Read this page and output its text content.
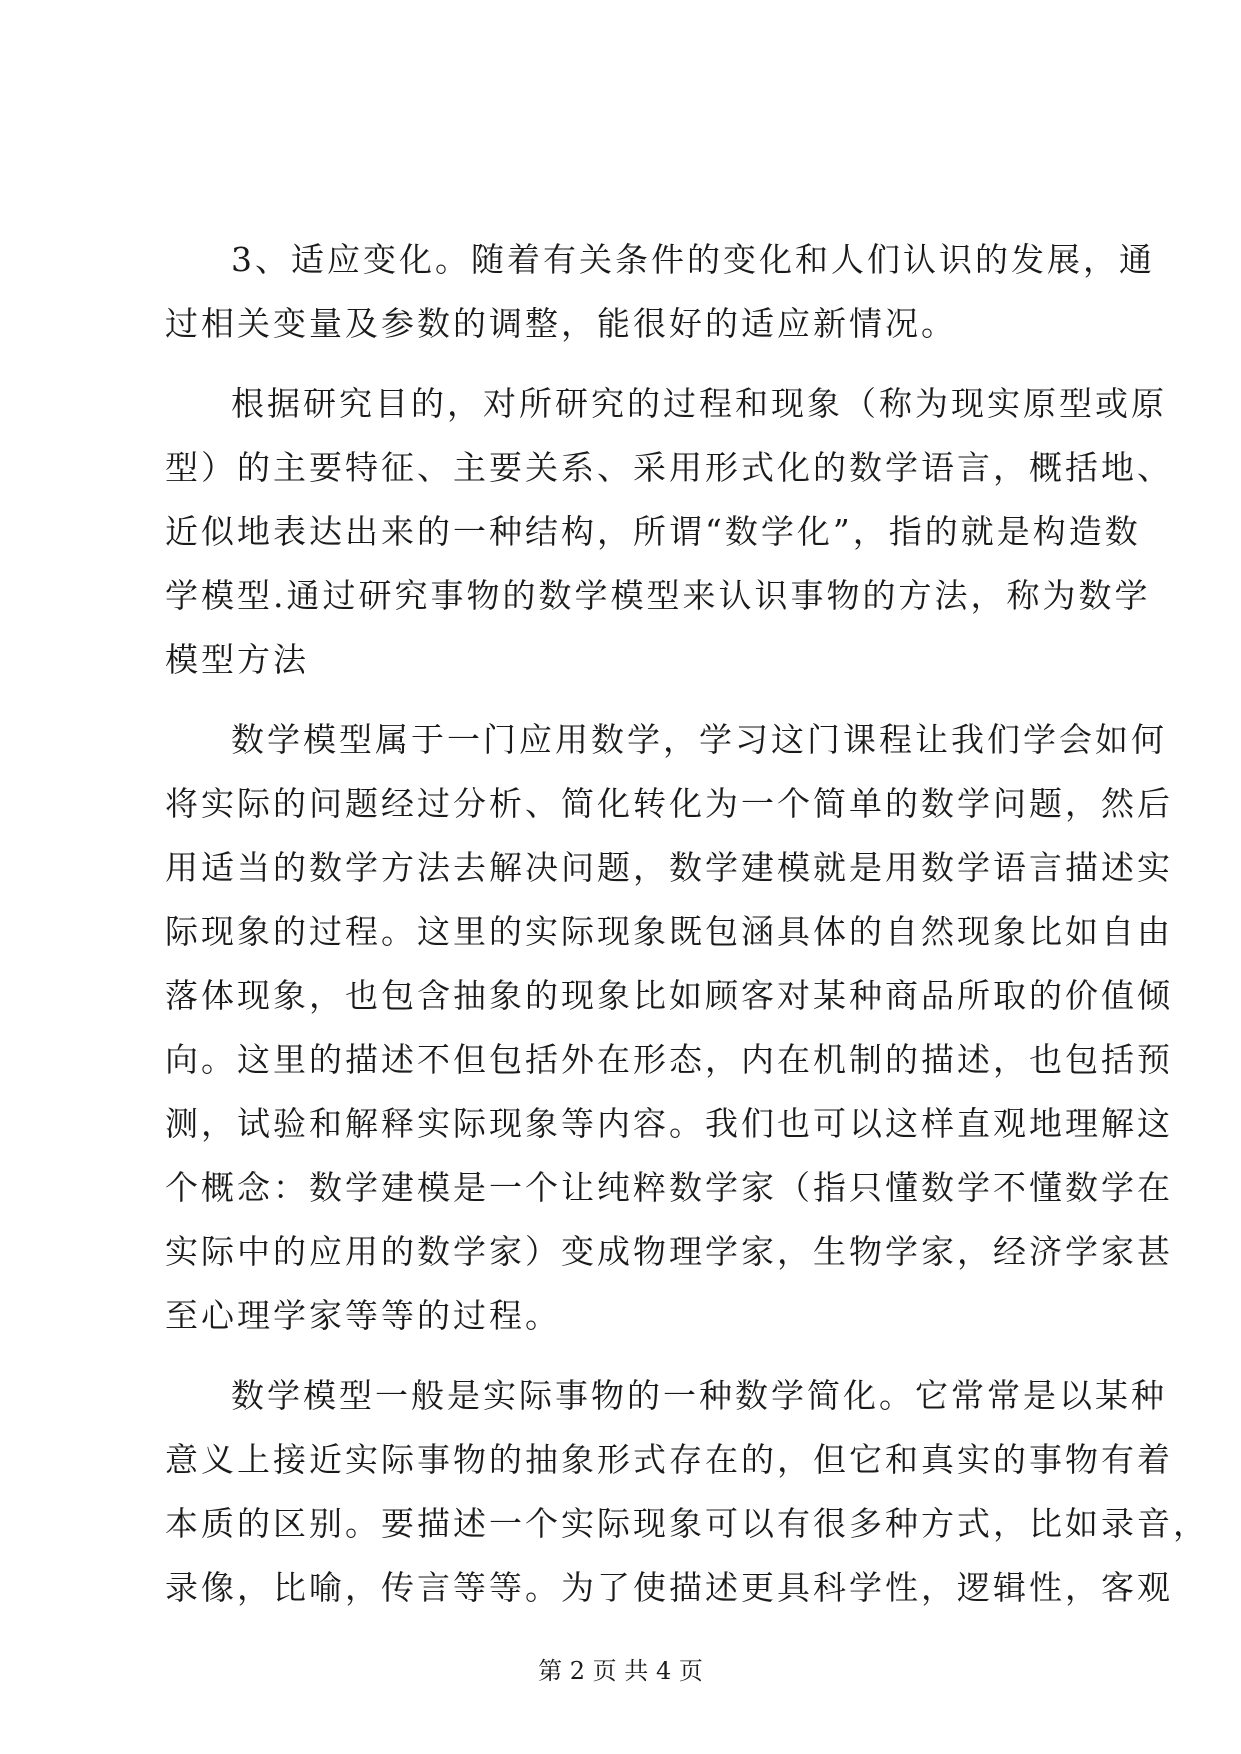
3、适应变化。随着有关条件的变化和人们认识的发展，通
过相关变量及参数的调整，能很好的适应新情况。
根据研究目的，对所研究的过程和现象（称为现实原型或原
型）的主要特征、主要关系、采用形式化的数学语言，概括地、
近似地表达出来的一种结构，所谓“数学化”，指的就是构造数
学模型.通过研究事物的数学模型来认识事物的方法，称为数学
模型方法
数学模型属于一门应用数学，学习这门课程让我们学会如何
将实际的问题经过分析、简化转化为一个简单的数学问题，然后
用适当的数学方法去解决问题，数学建模就是用数学语言描述实
际现象的过程。这里的实际现象既包涵具体的自然现象比如自由
落体现象，也包含抽象的现象比如顾客对某种商品所取的价值倾
向。这里的描述不但包括外在形态，内在机制的描述，也包括预
测，试验和解释实际现象等内容。我们也可以这样直观地理解这
个概念：数学建模是一个让纯粹数学家（指只懂数学不懂数学在
实际中的应用的数学家）变成物理学家，生物学家，经济学家甚
至心理学家等等的过程。
数学模型一般是实际事物的一种数学简化。它常常是以某种
意义上接近实际事物的抽象形式存在的，但它和真实的事物有着
本质的区别。要描述一个实际现象可以有很多种方式，比如录音，
录像，比喻，传言等等。为了使描述更具科学性，逻辑性，客观
第 2 页 共 4 页
